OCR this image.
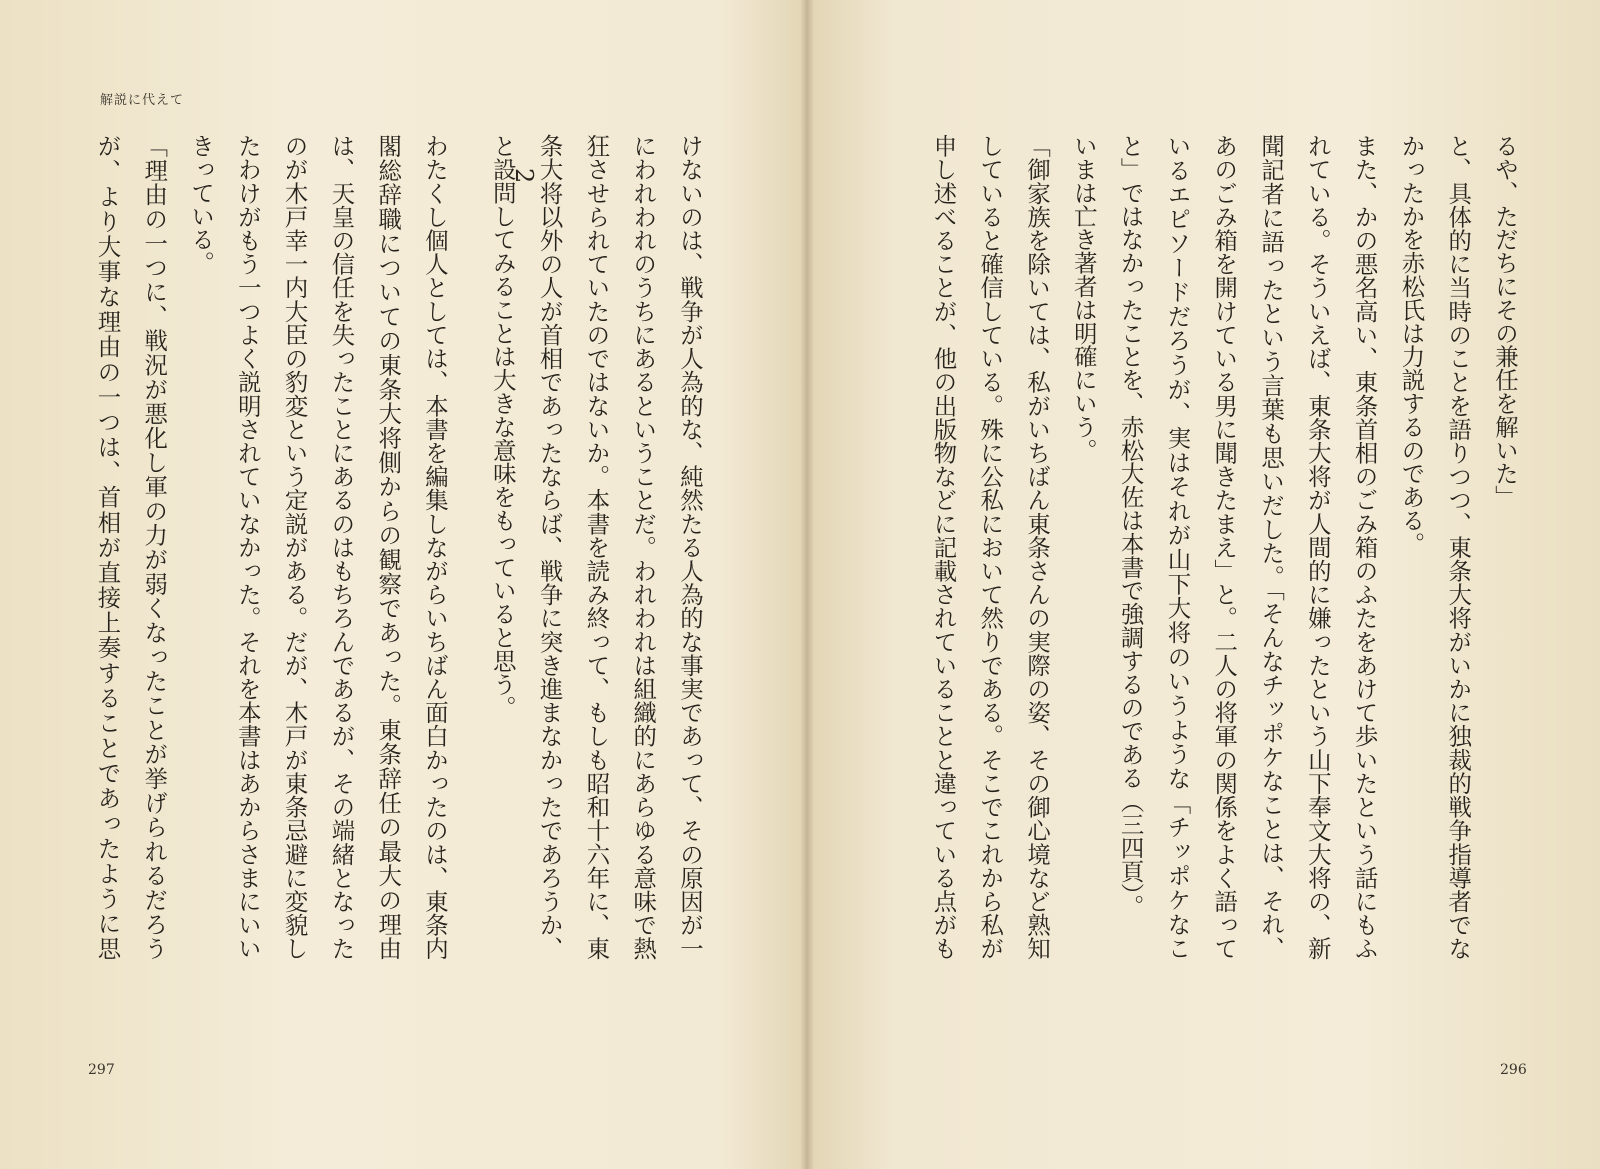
解説に代えて

けないのは、戦争が人為的な、純然たる人為的な事実であって、その原因が一にわれわれのうちにあるということだ。われわれは組織的にあらゆる意味で熱狂させられていたのではないか。本書を読み終って、もしも昭和十六年に、東条大将以外の人が首相であったならば、戦争に突き進まなかったであろうか、と設問してみることは大きな意味をもっていると思う。

2

わたくし個人としては、本書を編集しながらいちばん面白かったのは、東条内閣総辞職についての東条大将側からの観察であった。東条辞任の最大の理由は、天皇の信任を失ったことにあるのはもちろんであるが、その端緒となったのが木戸幸一内大臣の豹変という定説がある。だが、木戸が東条忌避に変貌したわけがもう一つよく説明されていなかった。それを本書はあからさまにいいきっている。

「理由の一つに、戦況が悪化し軍の力が弱くなったことが挙げられるだろうが、より大事な理由の一つは、首相が直接上奏することであったように思

297	296

るや、ただちにその兼任を解いた」

と、具体的に当時のことを語りつつ、東条大将がいかに独裁的戦争指導者でなかったかを赤松氏は力説するのである。

また、かの悪名高い、東条首相のごみ箱のふたをあけて歩いたという話にもふれている。そういえば、東条大将が人間的に嫌ったという山下奉文大将の、新聞記者に語ったという言葉も思いだした。「そんなチッポケなことは、それ、あのごみ箱を開けている男に聞きたまえ」と。二人の将軍の関係をよく語っているエピソードだろうが、実はそれが山下大将のいうような「チッポケなこと」ではなかったことを、赤松大佐は本書で強調するのである（三四頁）。

いまは亡き著者は明確にいう。

「御家族を除いては、私がいちばん東条さんの実際の姿、その御心境など熟知していると確信している。殊に公私において然りである。そこでこれから私が申し述べることが、他の出版物などに記載されていることと違っている点がも
